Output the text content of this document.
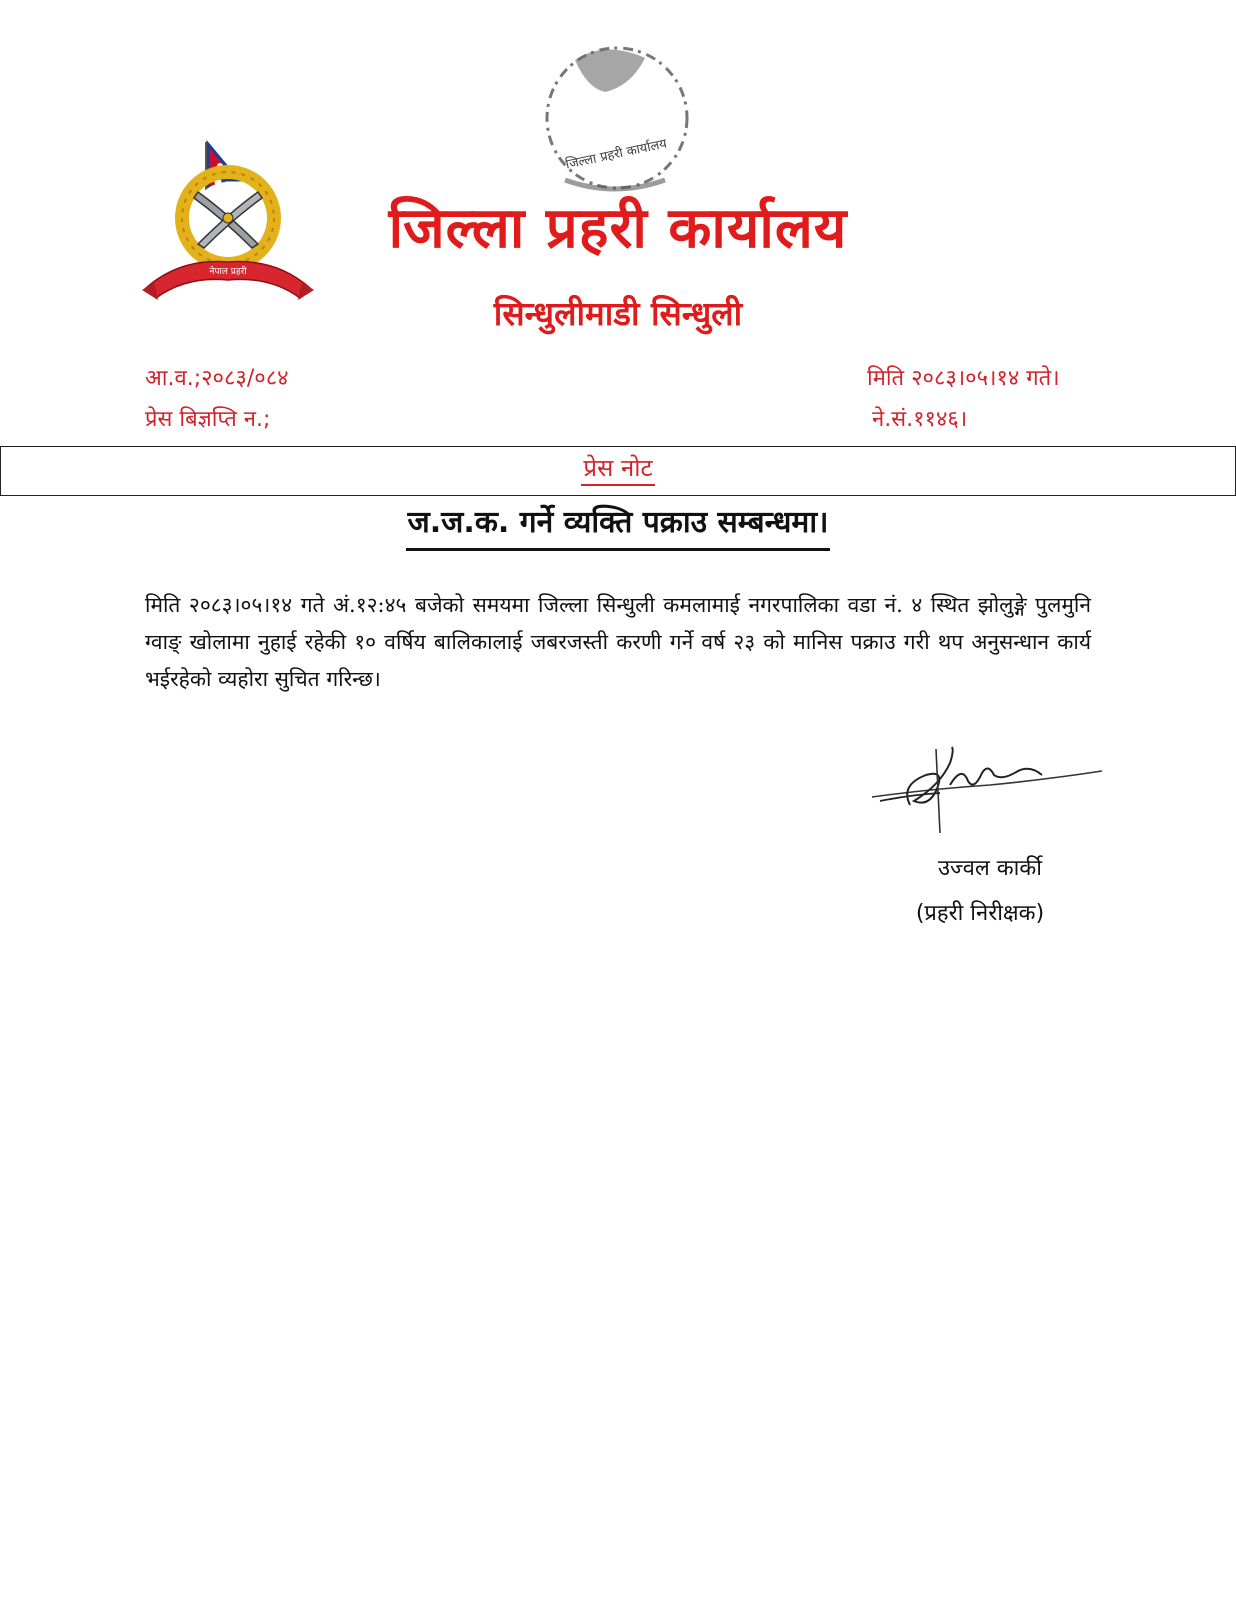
नेपाल प्रहरी
सत्य सेवा सुरक्षणम्
जिल्ला प्रहरी कार्यालय
जिल्ला प्रहरी कार्यालय
सिन्धुलीमाडी सिन्धुली
आ.व.;२०८३/०८४
प्रेस बिज्ञप्ति न.;
मिति २०८३।०५।१४ गते।
ने.सं.११४६।
प्रेस नोट
ज.ज.क. गर्ने व्यक्ति पक्राउ सम्बन्धमा।
मिति २०८३।०५।१४ गते अं.१२:४५ बजेको समयमा जिल्ला सिन्धुली कमलामाई नगरपालिका वडा नं. ४ स्थित झोलुङ्गे पुलमुनि ग्वाङ् खोलामा नुहाई रहेकी १० वर्षिय बालिकालाई जबरजस्ती करणी गर्ने वर्ष २३ को मानिस पक्राउ गरी थप अनुसन्धान कार्य भईरहेको व्यहोरा सुचित गरिन्छ।
उज्वल कार्की
(प्रहरी निरीक्षक)
